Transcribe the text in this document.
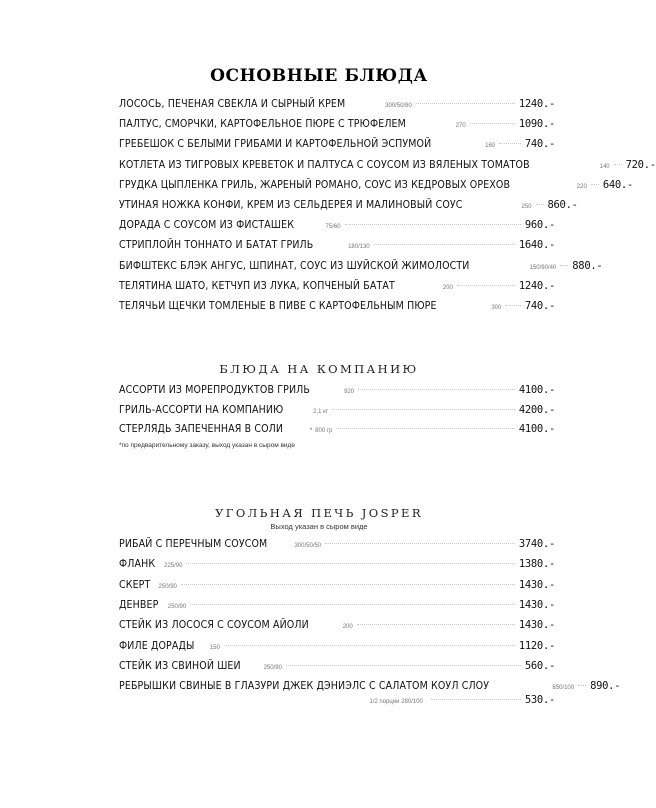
ОСНОВНЫЕ БЛЮДА
ЛОСОСЬ, ПЕЧЕНАЯ СВЕКЛА И СЫРНЫЙ КРЕМ	300/50/80	1240.-
ПАЛТУС, СМОРЧКИ, КАРТОФЕЛЬНОЕ ПЮРЕ С ТРЮФЕЛЕМ	270	1090.-
ГРЕБЕШОК С БЕЛЫМИ ГРИБАМИ И КАРТОФЕЛЬНОЙ ЭСПУМОЙ	160	740.-
КОТЛЕТА ИЗ ТИГРОВЫХ КРЕВЕТОК И ПАЛТУСА С СОУСОМ ИЗ ВЯЛЕНЫХ ТОМАТОВ	140 720.-
ГРУДКА ЦЫПЛЕНКА ГРИЛЬ, ЖАРЕНЫЙ РОМАНО, СОУС ИЗ КЕДРОВЫХ ОРЕХОВ	220 640.-
УТИНАЯ НОЖКА КОНФИ, КРЕМ ИЗ СЕЛЬДЕРЕЯ И МАЛИНОВЫЙ СОУС	250 860.-
ДОРАДА С СОУСОМ ИЗ ФИСТАШЕК	75/60	960.-
СТРИПЛОЙН ТОННАТО И БАТАТ ГРИЛЬ	180/130	1640.-
БИФШТЕКС БЛЭК АНГУС, ШПИНАТ, СОУС ИЗ ШУЙСКОЙ ЖИМОЛОСТИ	150/90/40 880.-
ТЕЛЯТИНА ШАТО, КЕТЧУП ИЗ ЛУКА, КОПЧЕНЫЙ БАТАТ	200	1240.-
ТЕЛЯЧЬИ ЩЕЧКИ ТОМЛЕНЫЕ В ПИВЕ С КАРТОФЕЛЬНЫМ ПЮРЕ	300 740.-
БЛЮДА НА КОМПАНИЮ
АССОРТИ ИЗ МОРЕПРОДУКТОВ ГРИЛЬ	920	4100.-
ГРИЛЬ-АССОРТИ НА КОМПАНИЮ	2,1 кг	4200.-
СТЕРЛЯДЬ ЗАПЕЧЕННАЯ В СОЛИ	* 800 гр	4100.-
*по предварительному заказу, выход указан в сыром виде
УГОЛЬНАЯ ПЕЧЬ JOSPER
Выход указан в сыром виде
РИБАЙ С ПЕРЕЧНЫМ СОУСОМ	300/50/50	3740.-
ФЛАНК 225/90	1380.-
СКЕРТ 250/90	1430.-
ДЕНВЕР 250/90	1430.-
СТЕЙК ИЗ ЛОСОСЯ С СОУСОМ АЙОЛИ	200	1430.-
ФИЛЕ ДОРАДЫ	150	1120.-
СТЕЙК ИЗ СВИНОЙ ШЕИ	250/90	560.-
РЕБРЫШКИ СВИНЫЕ В ГЛАЗУРИ ДЖЕК ДЭНИЭЛС С САЛАТОМ КОУЛ СЛОУ	850/100 890.-
1/2 порции 280/100	530.-
